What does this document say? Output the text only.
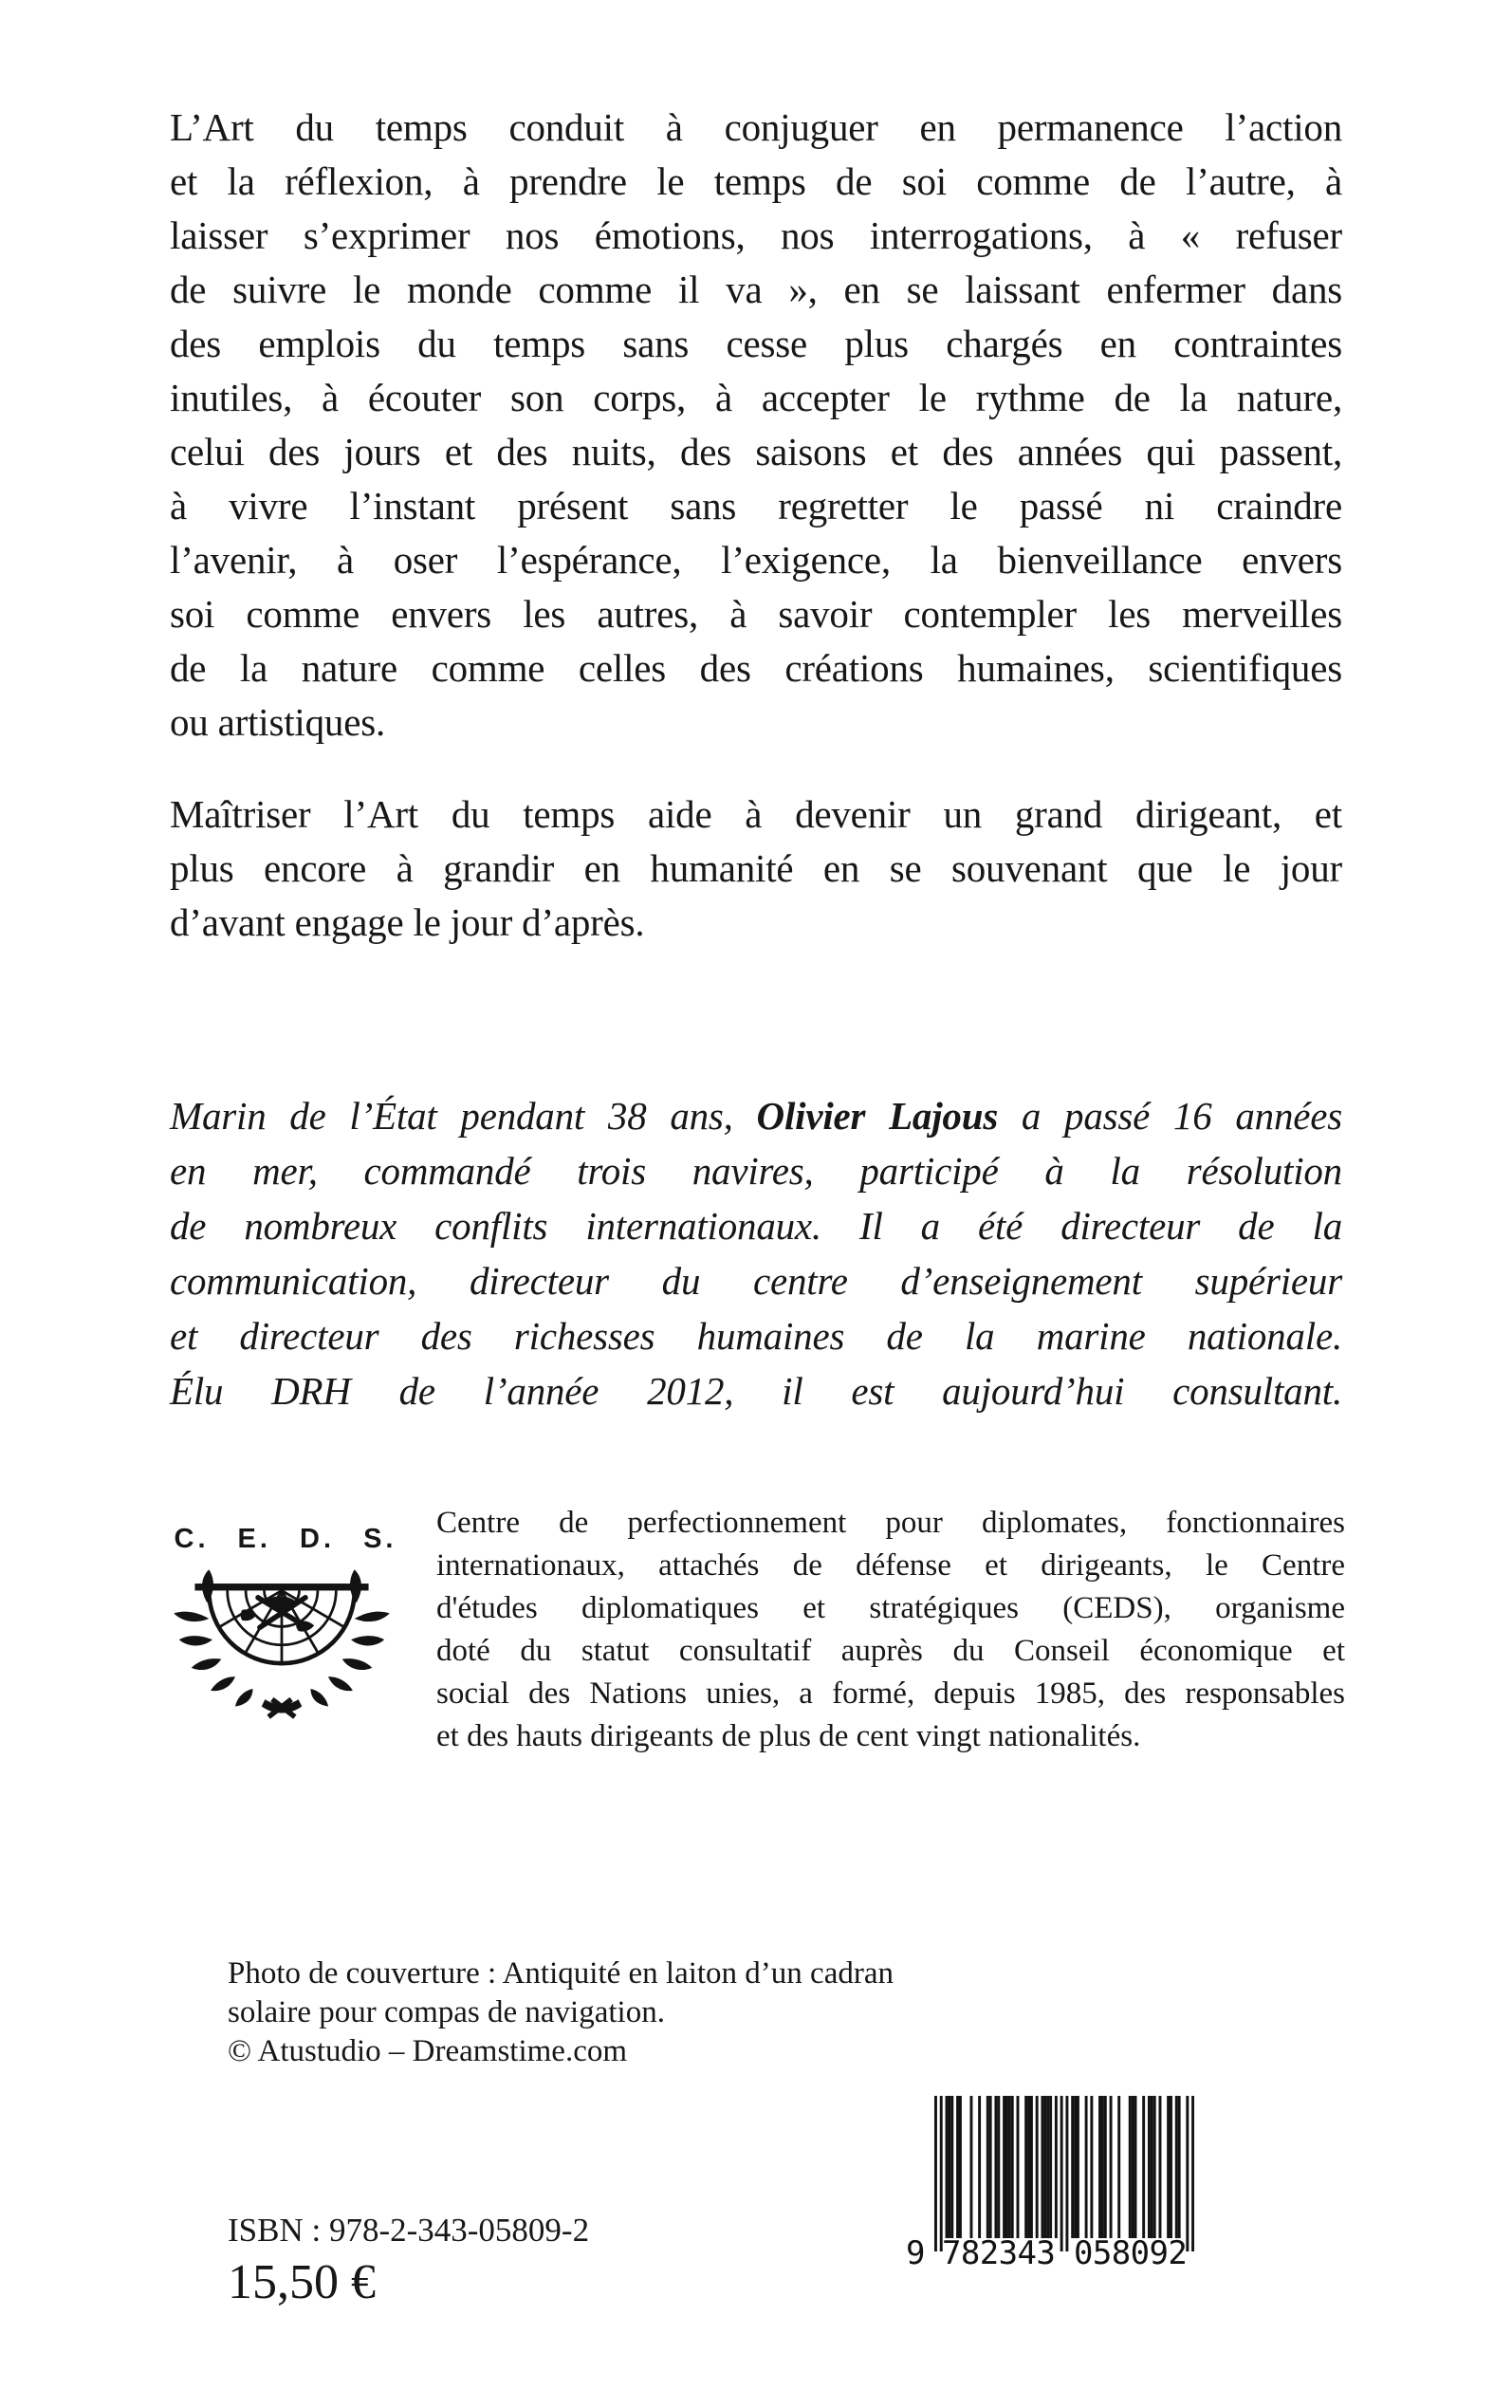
L’Art du temps conduit à conjuguer en permanence l’action
et la réflexion, à prendre le temps de soi comme de l’autre, à
laisser s’exprimer nos émotions, nos interrogations, à « refuser
de suivre le monde comme il va », en se laissant enfermer dans
des emplois du temps sans cesse plus chargés en contraintes
inutiles, à écouter son corps, à accepter le rythme de la nature,
celui des jours et des nuits, des saisons et des années qui passent,
à vivre l’instant présent sans regretter le passé ni craindre
l’avenir, à oser l’espérance, l’exigence, la bienveillance envers
soi comme envers les autres, à savoir contempler les merveilles
de la nature comme celles des créations humaines, scientifiques
ou artistiques.
Maîtriser l’Art du temps aide à devenir un grand dirigeant, et
plus encore à grandir en humanité en se souvenant que le jour
d’avant engage le jour d’après.
Marin de l’État pendant 38 ans, Olivier Lajous a passé 16 années
en mer, commandé trois navires, participé à la résolution
de nombreux conflits internationaux. Il a été directeur de la
communication, directeur du centre d’enseignement supérieur
et directeur des richesses humaines de la marine nationale.
Élu DRH de l’année 2012, il est aujourd’hui consultant.
C. E. D. S.	Centre de perfectionnement pour diplomates, fonctionnaires
internationaux, attachés de défense et dirigeants, le Centre
d'études diplomatiques et stratégiques (CEDS), organisme
doté du statut consultatif auprès du Conseil économique et
social des Nations unies, a formé, depuis 1985, des responsables
et des hauts dirigeants de plus de cent vingt nationalités.
Photo de couverture : Antiquité en laiton d’un cadran
solaire pour compas de navigation.
© Atustudio – Dreamstime.com
ISBN : 978-2-343-05809-2
15,50 €
9 782343 058092
